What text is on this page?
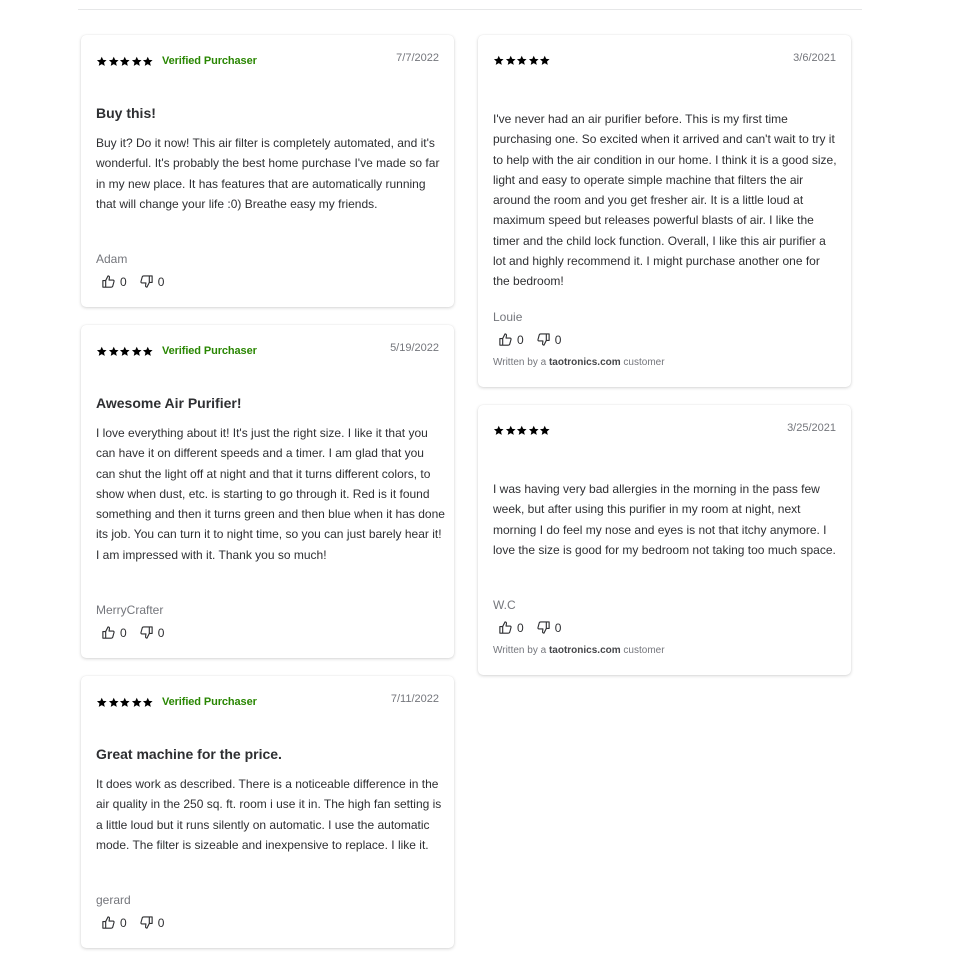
Verified Purchaser	7/7/2022
Buy this!
Buy it? Do it now! This air filter is completely automated, and it's wonderful. It's probably the best home purchase I've made so far in my new place. It has features that are automatically running that will change your life :0) Breathe easy my friends.
Adam
0	0
Verified Purchaser	5/19/2022
Awesome Air Purifier!
I love everything about it! It's just the right size. I like it that you can have it on different speeds and a timer. I am glad that you can shut the light off at night and that it turns different colors, to show when dust, etc. is starting to go through it. Red is it found something and then it turns green and then blue when it has done its job. You can turn it to night time, so you can just barely hear it! I am impressed with it. Thank you so much!
MerryCrafter
0	0
Verified Purchaser	7/11/2022
Great machine for the price.
It does work as described. There is a noticeable difference in the air quality in the 250 sq. ft. room i use it in. The high fan setting is a little loud but it runs silently on automatic. I use the automatic mode. The filter is sizeable and inexpensive to replace. I like it.
gerard
0	0
3/6/2021
I've never had an air purifier before. This is my first time purchasing one. So excited when it arrived and can't wait to try it to help with the air condition in our home. I think it is a good size, light and easy to operate simple machine that filters the air around the room and you get fresher air. It is a little loud at maximum speed but releases powerful blasts of air. I like the timer and the child lock function. Overall, I like this air purifier a lot and highly recommend it. I might purchase another one for the bedroom!
Louie
0	0
Written by a taotronics.com customer
3/25/2021
I was having very bad allergies in the morning in the pass few week, but after using this purifier in my room at night, next morning I do feel my nose and eyes is not that itchy anymore. I love the size is good for my bedroom not taking too much space.
W.C
0	0
Written by a taotronics.com customer
